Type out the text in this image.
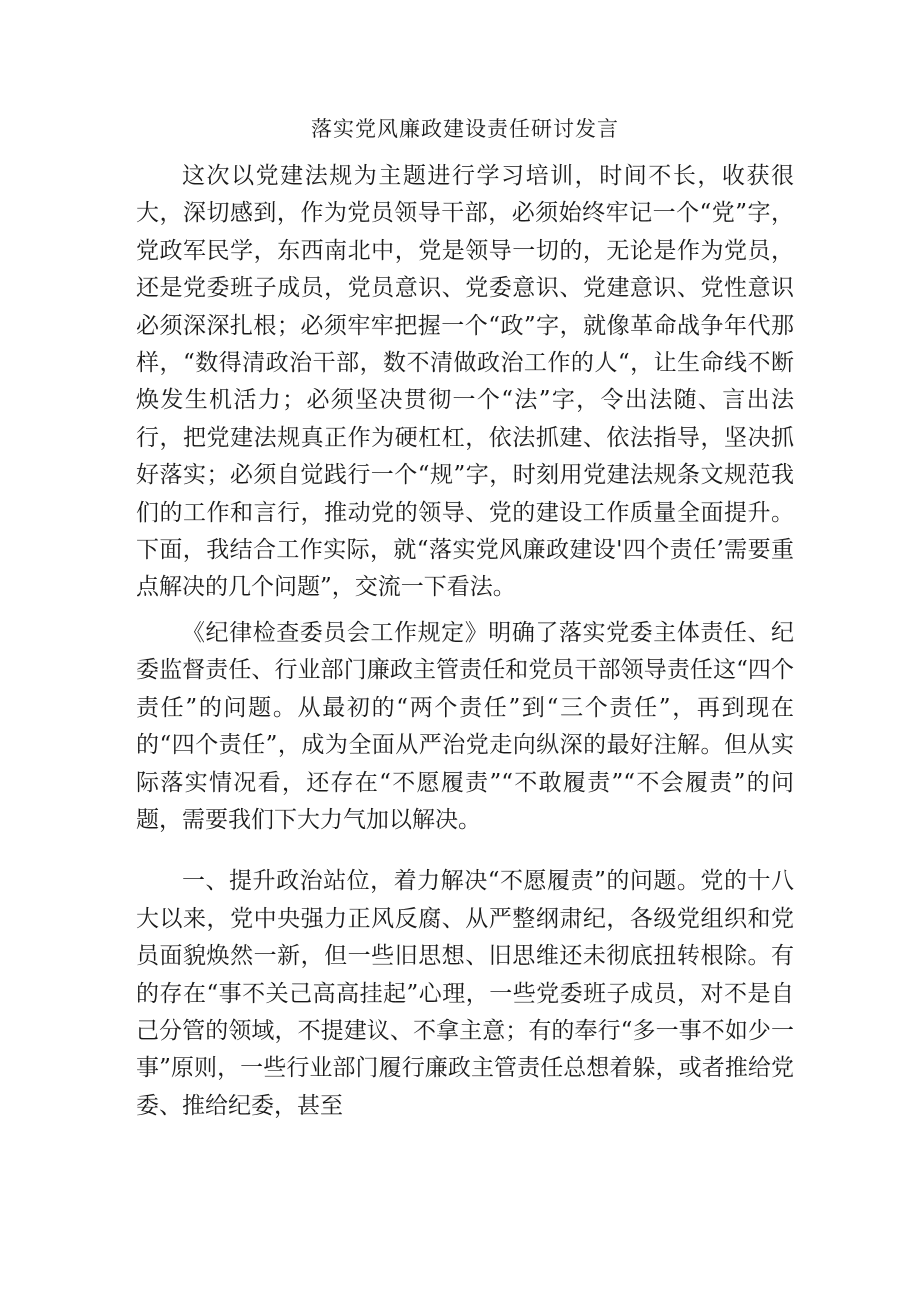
落实党风廉政建设责任研讨发言

这次以党建法规为主题进行学习培训，时间不长，收获很大，深切感到，作为党员领导干部，必须始终牢记一个“党”字，党政军民学，东西南北中，党是领导一切的，无论是作为党员，还是党委班子成员，党员意识、党委意识、党建意识、党性意识必须深深扎根；必须牢牢把握一个“政”字，就像革命战争年代那样，“数得清政治干部，数不清做政治工作的人“，让生命线不断焕发生机活力；必须坚决贯彻一个“法”字，令出法随、言出法行，把党建法规真正作为硬杠杠，依法抓建、依法指导，坚决抓好落实；必须自觉践行一个“规”字，时刻用党建法规条文规范我们的工作和言行，推动党的领导、党的建设工作质量全面提升。下面，我结合工作实际，就“落实党风廉政建设'四个责任’需要重点解决的几个问题”，交流一下看法。

《纪律检查委员会工作规定》明确了落实党委主体责任、纪委监督责任、行业部门廉政主管责任和党员干部领导责任这“四个责任”的问题。从最初的“两个责任”到“三个责任”，再到现在的“四个责任”，成为全面从严治党走向纵深的最好注解。但从实际落实情况看，还存在“不愿履责”“不敢履责”“不会履责”的问题，需要我们下大力气加以解决。

一、提升政治站位，着力解决“不愿履责”的问题。党的十八大以来，党中央强力正风反腐、从严整纲肃纪，各级党组织和党员面貌焕然一新，但一些旧思想、旧思维还未彻底扭转根除。有的存在“事不关己高高挂起”心理，一些党委班子成员，对不是自己分管的领域，不提建议、不拿主意；有的奉行“多一事不如少一事”原则，一些行业部门履行廉政主管责任总想着躲，或者推给党委、推给纪委，甚至
